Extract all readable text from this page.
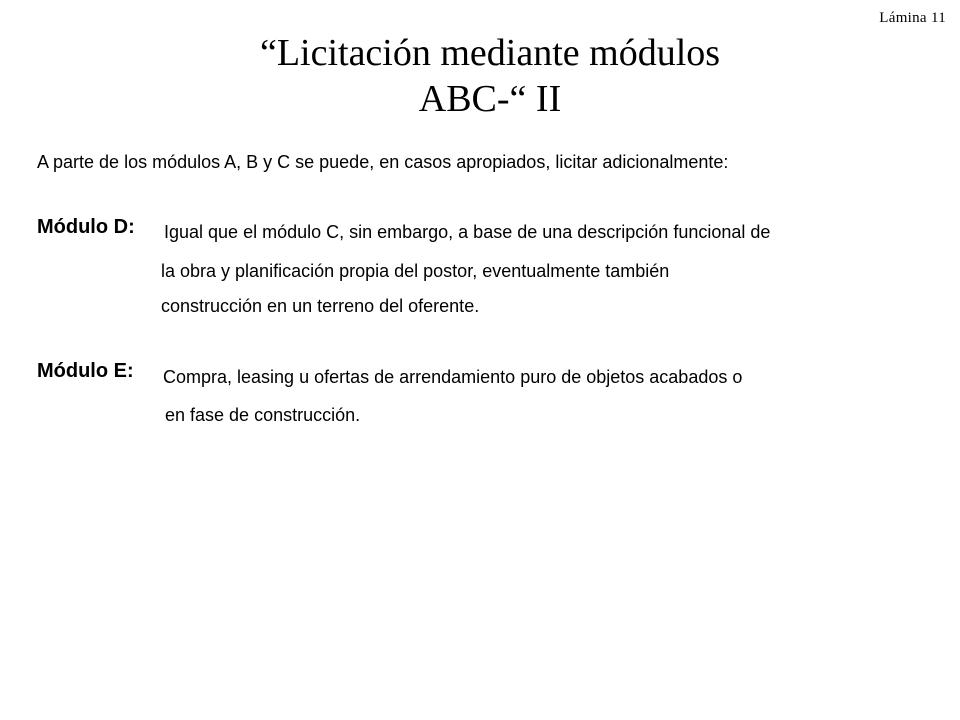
Lámina 11
“Licitación mediante módulos
ABC-“ II
A parte de los módulos A, B y C se puede, en casos apropiados, licitar adicionalmente:
Módulo D: Igual que el módulo C, sin embargo, a base de una descripción funcional de
la obra y planificación propia del postor, eventualmente también
construcción en un terreno del oferente.
Módulo E: Compra, leasing u ofertas de arrendamiento puro de objetos acabados o
en fase de construcción.
